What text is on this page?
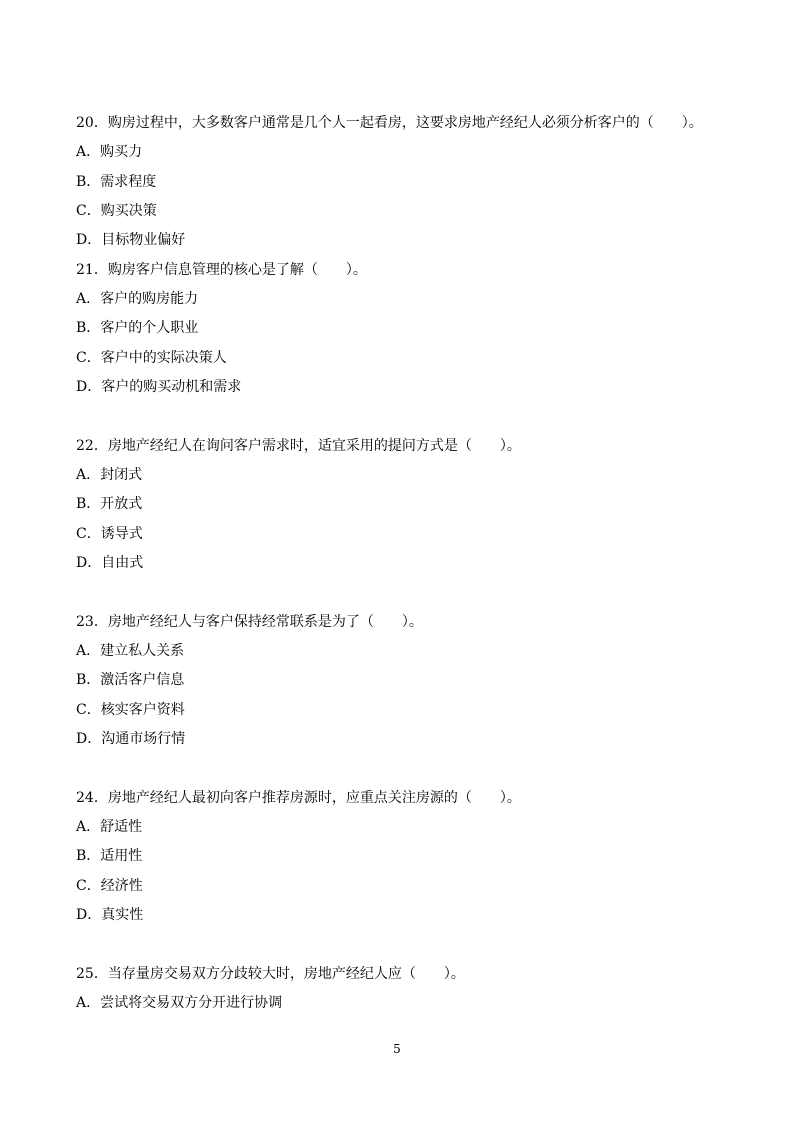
20．购房过程中，大多数客户通常是几个人一起看房，这要求房地产经纪人必须分析客户的（　　）。
A．购买力
B．需求程度
C．购买决策
D．目标物业偏好
21．购房客户信息管理的核心是了解（　　）。
A．客户的购房能力
B．客户的个人职业
C．客户中的实际决策人
D．客户的购买动机和需求
22．房地产经纪人在询问客户需求时，适宜采用的提问方式是（　　）。
A．封闭式
B．开放式
C．诱导式
D．自由式
23．房地产经纪人与客户保持经常联系是为了（　　）。
A．建立私人关系
B．激活客户信息
C．核实客户资料
D．沟通市场行情
24．房地产经纪人最初向客户推荐房源时，应重点关注房源的（　　）。
A．舒适性
B．适用性
C．经济性
D．真实性
25．当存量房交易双方分歧较大时，房地产经纪人应（　　）。
A．尝试将交易双方分开进行协调
5
